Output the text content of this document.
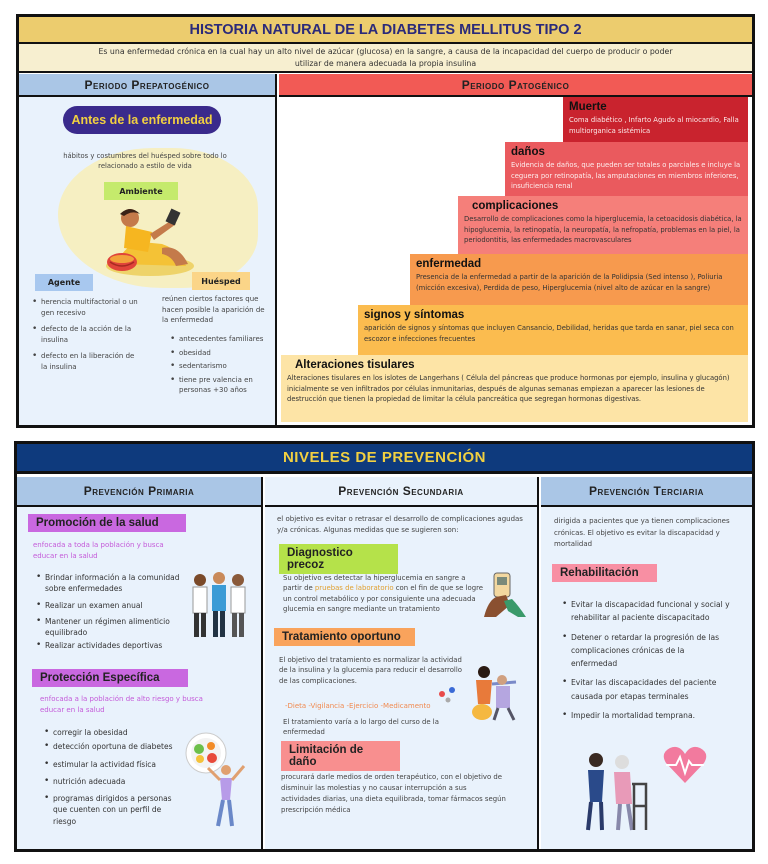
HISTORIA NATURAL DE LA DIABETES MELLITUS TIPO 2
Es una enfermedad crónica en la cual hay un alto nivel de azúcar (glucosa) en la sangre, a causa de la incapacidad del cuerpo de producir o poder utilizar de manera adecuada la propia insulina
Periodo Prepatogénico
Antes de la enfermedad
hábitos y costumbres del huésped sobre todo lo relacionado a estilo de vida
Ambiente
Agente	Huésped
• herencia multifactorial o un gen recesivo
• defecto de la acción de la insulina
• defecto en la liberación de la insulina
reúnen ciertos factores que hacen posible la aparición de la enfermedad
• antecedentes familiares
• obesidad
• sedentarismo
• tiene pre valencia en personas +30 años
Periodo Patogénico
Muerte
Coma diabético , Infarto Agudo al miocardio, Falla multiorganica sistémica
daños
Evidencia de daños, que pueden ser totales o parciales e incluye la ceguera por retinopatía, las amputaciones en miembros inferiores, insuficiencia renal
complicaciones
Desarrollo de complicaciones como la hiperglucemia, la cetoacidosis diabética, la hipoglucemia, la retinopatía, la neuropatía, la nefropatía, problemas en la piel, la periodontitis, las enfermedades macrovasculares
enfermedad
Presencia de la enfermedad a partir de la aparición de la Polidipsia (Sed intenso ), Poliuria (micción excesiva), Perdida de peso, Hiperglucemia (nivel alto de azúcar en la sangre)
signos y síntomas
aparición de signos y síntomas que incluyen Cansancio, Debilidad, heridas que tarda en sanar, piel seca con escozor e infecciones frecuentes
Alteraciones tisulares
Alteraciones tisulares en los islotes de Langerhans ( Célula del páncreas que produce hormonas por ejemplo, insulina y glucagón) inicialmente se ven infiltrados por células inmunitarias, después de algunas semanas empiezan a aparecer las lesiones de destrucción que tienen la propiedad de limitar la célula pancreática que segregan hormonas digestivas.
NIVELES DE PREVENCIÓN
Prevención Primaria	Prevención Secundaria	Prevención Terciaria
Promoción de la salud
enfocada a toda la población y busca educar en la salud
• Brindar información a la comunidad sobre enfermedades
• Realizar un examen anual
• Mantener un régimen alimenticio equilibrado
• Realizar actividades deportivas
Protección Específica
enfocada a la población de alto riesgo y busca educar en la salud
• corregir la obesidad
• detección oportuna de diabetes
• estimular la actividad física
• nutrición adecuada
• programas dirigidos a personas que cuenten con un perfil de riesgo
el objetivo es evitar o retrasar el desarrollo de complicaciones agudas y/a crónicas. Algunas medidas que se sugieren son:
Diagnostico precoz
Su objetivo es detectar la hiperglucemia en sangre a partir de pruebas de laboratorio con el fin de que se logre un control metabólico y por consiguiente una adecuada glucemia en sangre mediante un tratamiento
Tratamiento oportuno
El objetivo del tratamiento es normalizar la actividad de la insulina y la glucemia para reducir el desarrollo de las complicaciones.
-Dieta -Vigilancia -Ejercicio -Medicamento
El tratamiento varía a lo largo del curso de la enfermedad
Limitación de daño
procurará darle medios de orden terapéutico, con el objetivo de disminuir las molestias y no causar interrupción a sus actividades diarias, una dieta equilibrada, tomar fármacos según prescripción médica
dirigida a pacientes que ya tienen complicaciones crónicas. El objetivo es evitar la discapacidad y mortalidad
Rehabilitación
• Evitar la discapacidad funcional y social y rehabilitar al paciente discapacitado
• Detener o retardar la progresión de las complicaciones crónicas de la enfermedad
• Evitar las discapacidades del paciente causada por etapas terminales
• Impedir la mortalidad temprana.
